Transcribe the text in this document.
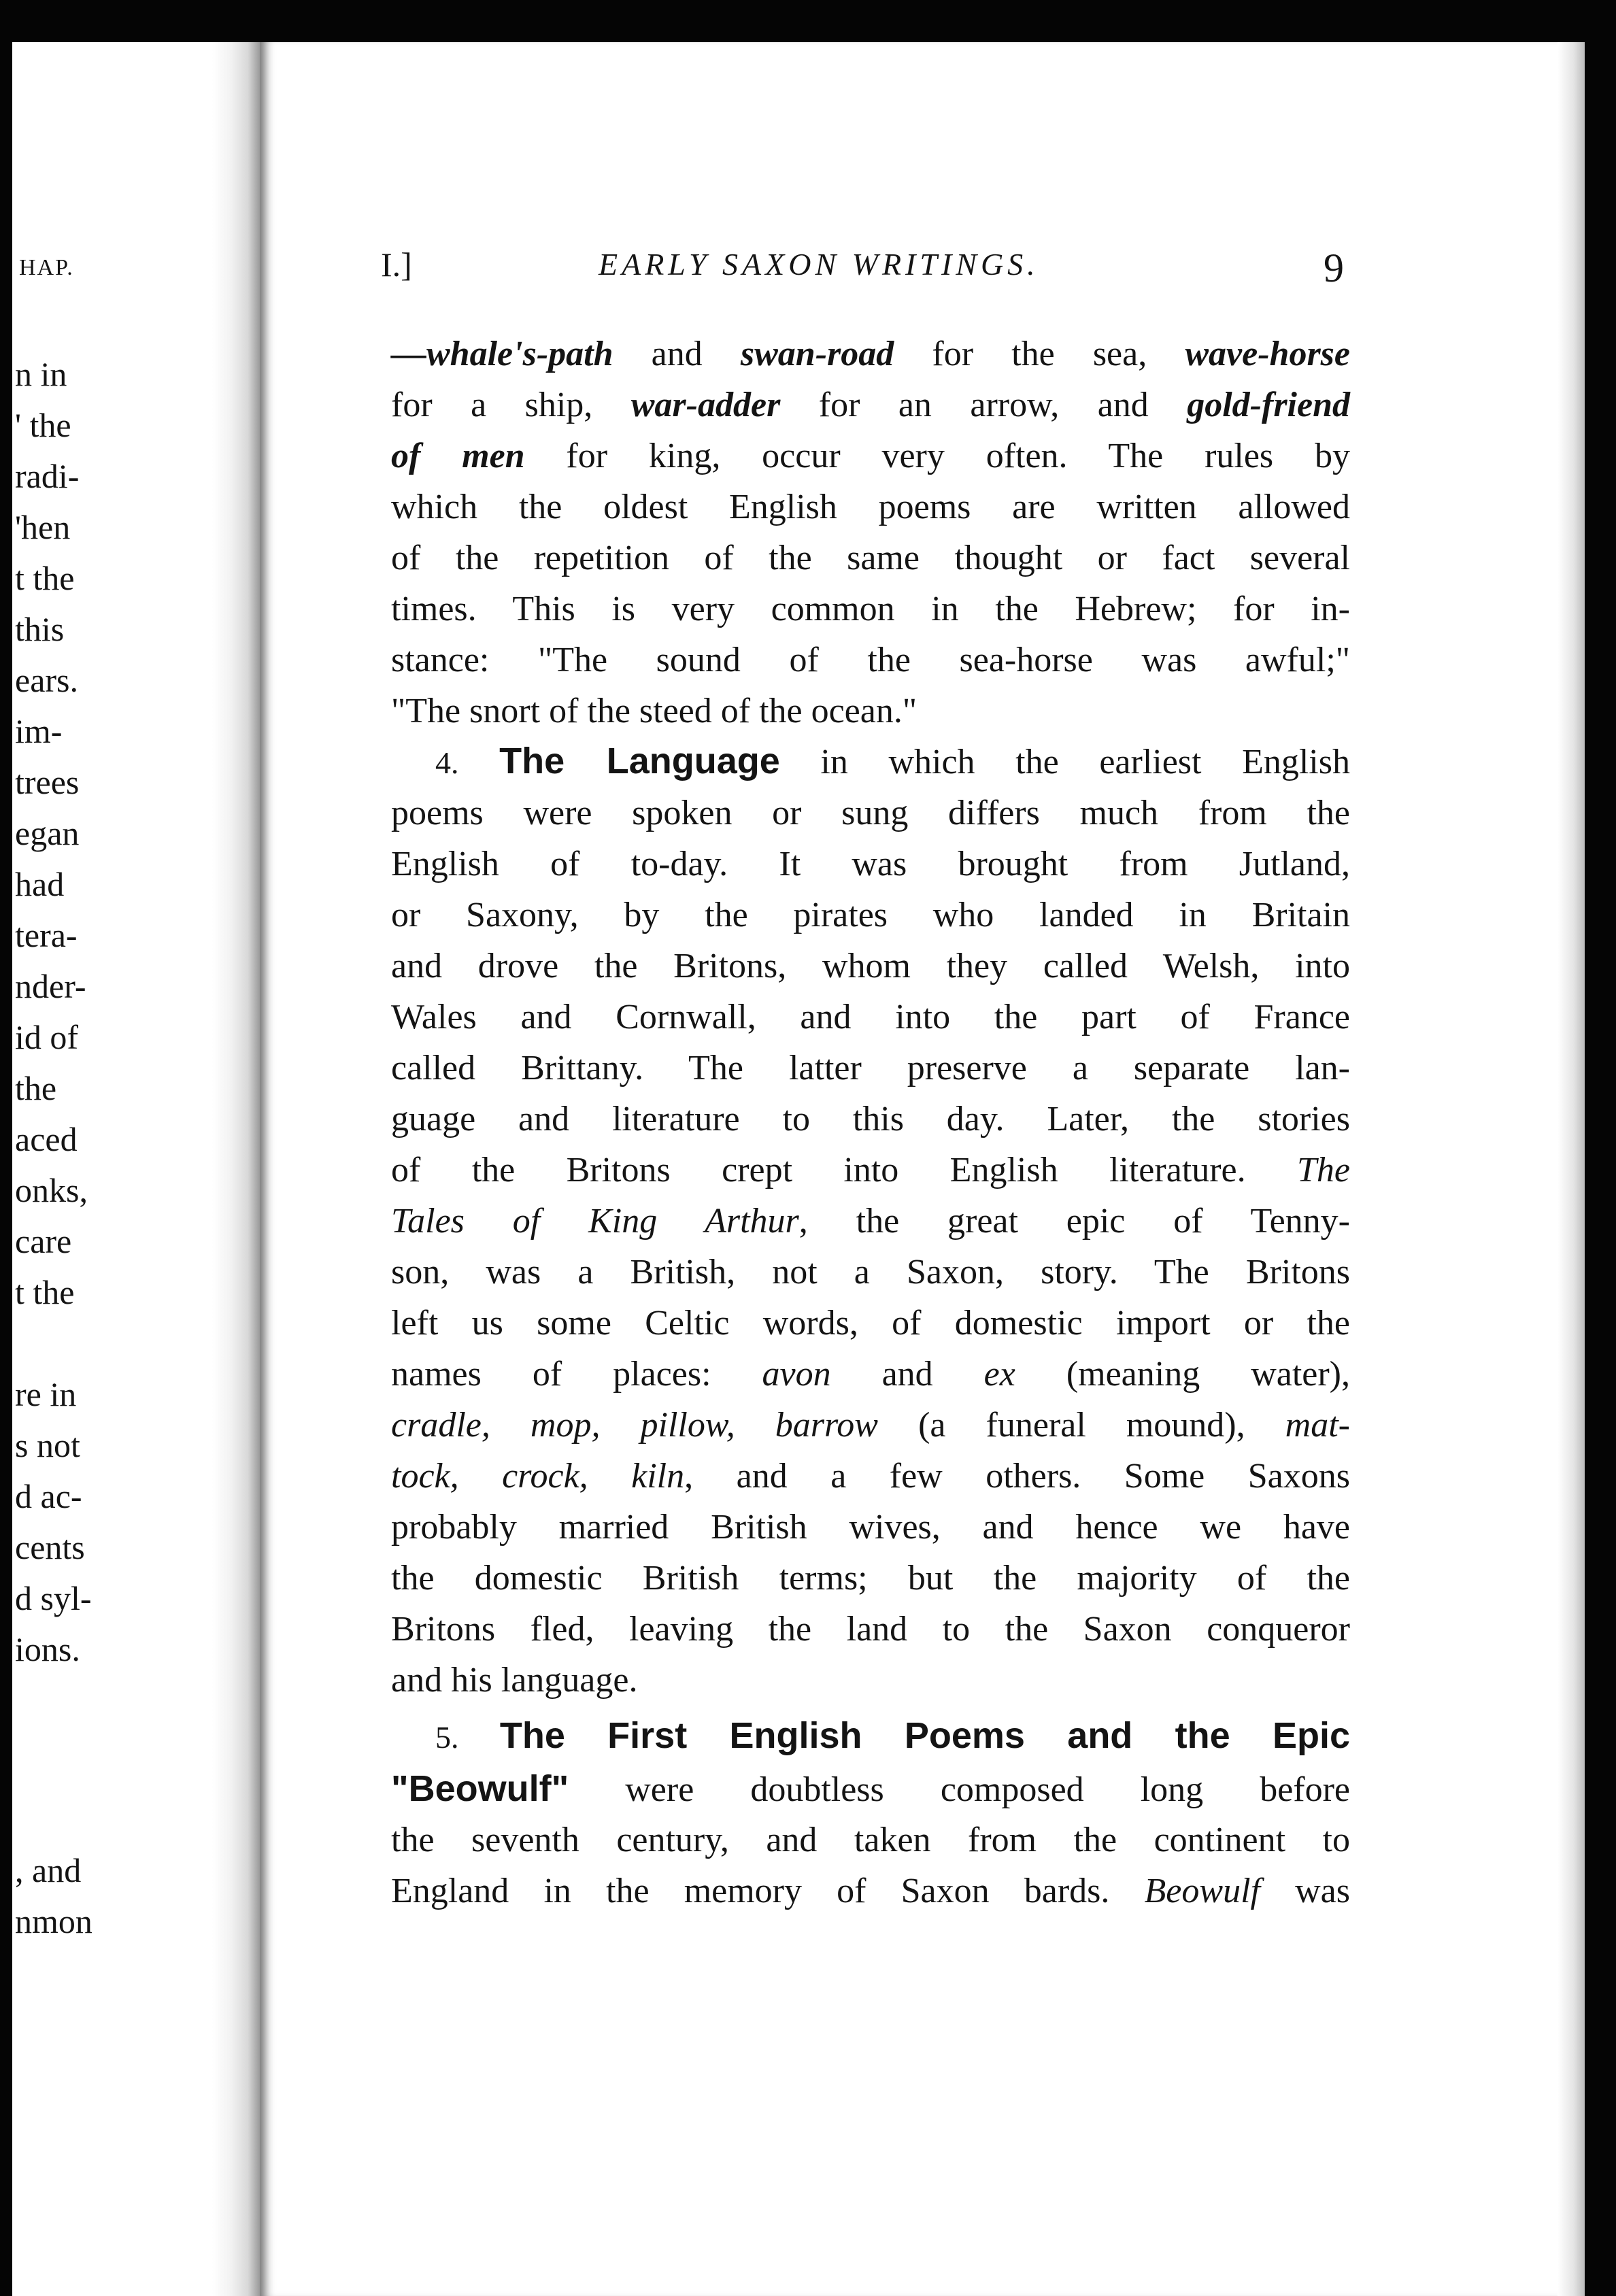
HAP.
n in
' the
radi-
'hen
t the
this
ears.
im-
trees
egan
had
tera-
nder-
id of
the
aced
onks,
care
t the
re in
s not
d ac-
cents
d syl-
ions.
, and
nmon
I.]	EARLY SAXON WRITINGS.	9
—whale's-path and swan-road for the sea, wave-horse
for a ship, war-adder for an arrow, and gold-friend
of men for king, occur very often. The rules by
which the oldest English poems are written allowed
of the repetition of the same thought or fact several
times. This is very common in the Hebrew; for in-
stance: "The sound of the sea-horse was awful;"
"The snort of the steed of the ocean."
4. The Language in which the earliest English
poems were spoken or sung differs much from the
English of to-day. It was brought from Jutland,
or Saxony, by the pirates who landed in Britain
and drove the Britons, whom they called Welsh, into
Wales and Cornwall, and into the part of France
called Brittany. The latter preserve a separate lan-
guage and literature to this day. Later, the stories
of the Britons crept into English literature. The
Tales of King Arthur, the great epic of Tenny-
son, was a British, not a Saxon, story. The Britons
left us some Celtic words, of domestic import or the
names of places: avon and ex (meaning water),
cradle, mop, pillow, barrow (a funeral mound), mat-
tock, crock, kiln, and a few others. Some Saxons
probably married British wives, and hence we have
the domestic British terms; but the majority of the
Britons fled, leaving the land to the Saxon conqueror
and his language.
5. The First English Poems and the Epic
"Beowulf" were doubtless composed long before
the seventh century, and taken from the continent to
England in the memory of Saxon bards. Beowulf was
